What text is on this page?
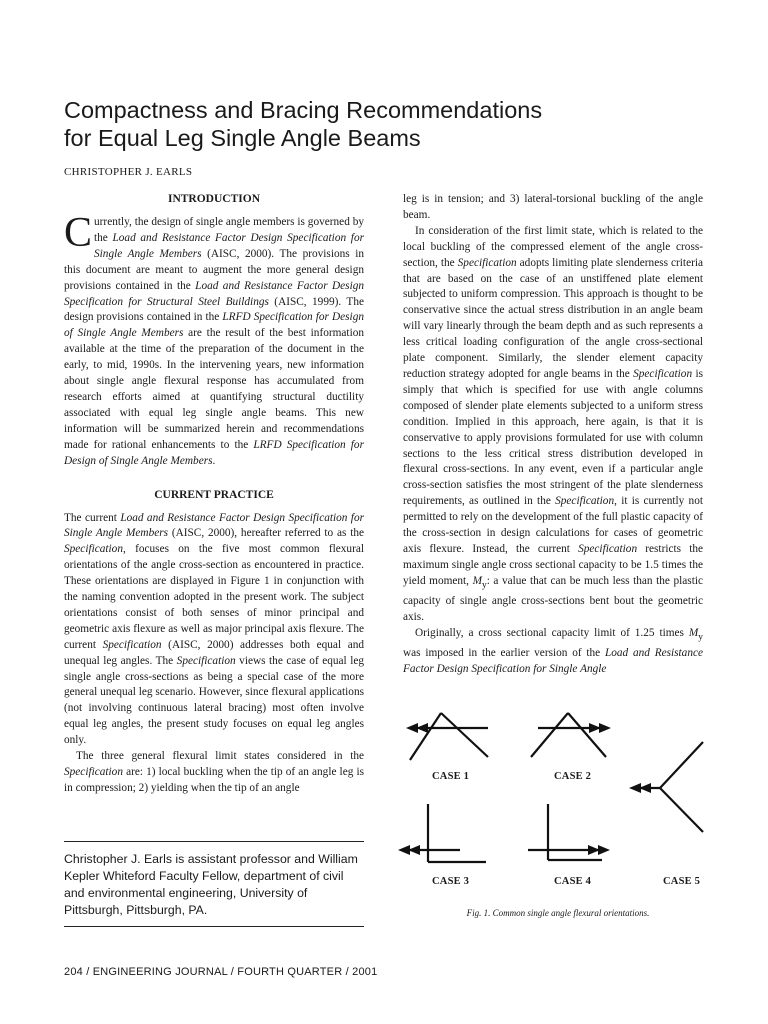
Compactness and Bracing Recommendations
for Equal Leg Single Angle Beams
CHRISTOPHER J. EARLS
INTRODUCTION

Currently, the design of single angle members is governed by the Load and Resistance Factor Design Specification for Single Angle Members (AISC, 2000). The provisions in this document are meant to augment the more general design provisions contained in the Load and Resistance Factor Design Specification for Structural Steel Buildings (AISC, 1999). The design provisions contained in the LRFD Specification for Design of Single Angle Members are the result of the best information available at the time of the preparation of the document in the early, to mid, 1990s. In the intervening years, new information about single angle flexural response has accumulated from research efforts aimed at quantifying structural ductility associated with equal leg single angle beams. This new information will be summarized herein and recommendations made for rational enhancements to the LRFD Specification for Design of Single Angle Members.

CURRENT PRACTICE

The current Load and Resistance Factor Design Specification for Single Angle Members (AISC, 2000), hereafter referred to as the Specification, focuses on the five most common flexural orientations of the angle cross-section as encountered in practice. These orientations are displayed in Figure 1 in conjunction with the naming convention adopted in the present work. The subject orientations consist of both senses of minor principal and geometric axis flexure as well as major principal axis flexure. The current Specification (AISC, 2000) addresses both equal and unequal leg angles. The Specification views the case of equal leg single angle cross-sections as being a special case of the more general unequal leg scenario. However, since flexural applications (not involving continuous lateral bracing) most often involve equal leg angles, the present study focuses on equal leg angles only.

The three general flexural limit states considered in the Specification are: 1) local buckling when the tip of an angle leg is in compression; 2) yielding when the tip of an angle

leg is in tension; and 3) lateral-torsional buckling of the angle beam.

In consideration of the first limit state, which is related to the local buckling of the compressed element of the angle cross-section, the Specification adopts limiting plate slenderness criteria that are based on the case of an unstiffened plate element subjected to uniform compression. This approach is thought to be conservative since the actual stress distribution in an angle beam will vary linearly through the beam depth and as such represents a less critical loading configuration of the angle cross-sectional plate component. Similarly, the slender element capacity reduction strategy adopted for angle beams in the Specification is simply that which is specified for use with angle columns composed of slender plate elements subjected to a uniform stress condition. Implied in this approach, here again, is that it is conservative to apply provisions formulated for use with column sections to the less critical stress distribution developed in flexural cross-sections. In any event, even if a particular angle cross-section satisfies the most stringent of the plate slenderness requirements, as outlined in the Specification, it is currently not permitted to rely on the development of the full plastic capacity of the cross-section in design calculations for cases of geometric axis flexure. Instead, the current Specification restricts the maximum single angle cross sectional capacity to be 1.5 times the yield moment, $M_y$: a value that can be much less than the plastic capacity of single angle cross-sections bent bout the geometric axis.

Originally, a cross sectional capacity limit of 1.25 times $M_y$ was imposed in the earlier version of the Load and Resistance Factor Design Specification for Single Angle

Christopher J. Earls is assistant professor and William Kepler Whiteford Faculty Fellow, department of civil and environmental engineering, University of Pittsburgh, Pittsburgh, PA.
CASE 1	CASE 2
CASE 3	CASE 4	CASE 5
Fig. 1. Common single angle flexural orientations.
204 / ENGINEERING JOURNAL / FOURTH QUARTER / 2001
